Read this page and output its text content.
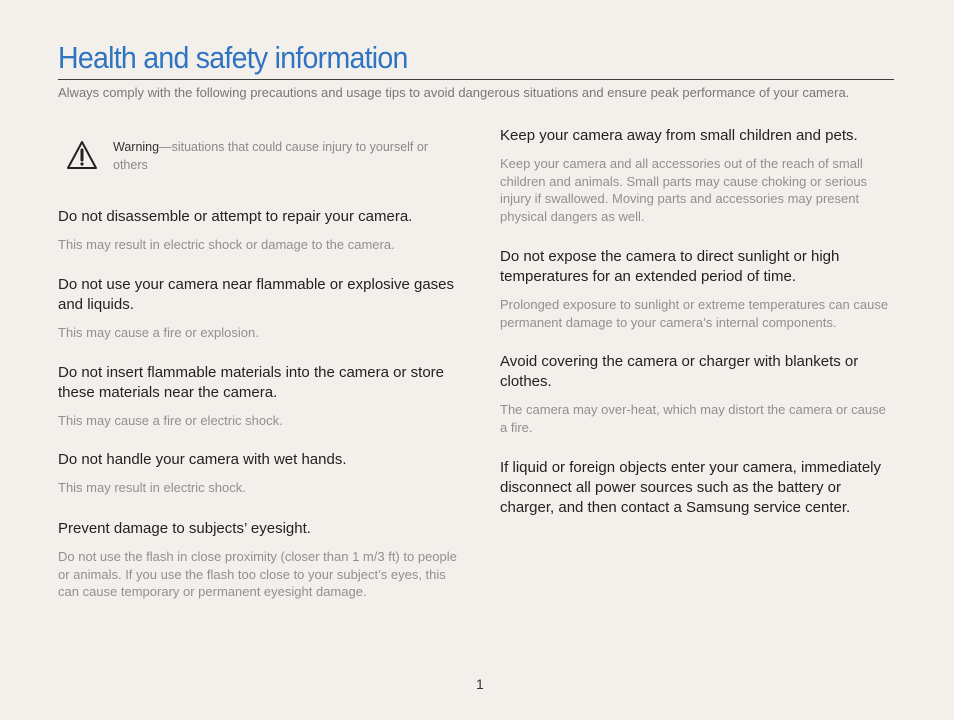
Health and safety information
Always comply with the following precautions and usage tips to avoid dangerous situations and ensure peak performance of your camera.
Warning—situations that could cause injury to yourself or others
Do not disassemble or attempt to repair your camera.
This may result in electric shock or damage to the camera.
Do not use your camera near flammable or explosive gases and liquids.
This may cause a fire or explosion.
Do not insert flammable materials into the camera or store these materials near the camera.
This may cause a fire or electric shock.
Do not handle your camera with wet hands.
This may result in electric shock.
Prevent damage to subjects’ eyesight.
Do not use the flash in close proximity (closer than 1 m/3 ft) to people or animals. If you use the flash too close to your subject’s eyes, this can cause temporary or permanent eyesight damage.
Keep your camera away from small children and pets.
Keep your camera and all accessories out of the reach of small children and animals. Small parts may cause choking or serious injury if swallowed. Moving parts and accessories may present physical dangers as well.
Do not expose the camera to direct sunlight or high temperatures for an extended period of time.
Prolonged exposure to sunlight or extreme temperatures can cause permanent damage to your camera’s internal components.
Avoid covering the camera or charger with blankets or clothes.
The camera may over-heat, which may distort the camera or cause a fire.
If liquid or foreign objects enter your camera, immediately disconnect all power sources such as the battery or charger, and then contact a Samsung service center.
1
